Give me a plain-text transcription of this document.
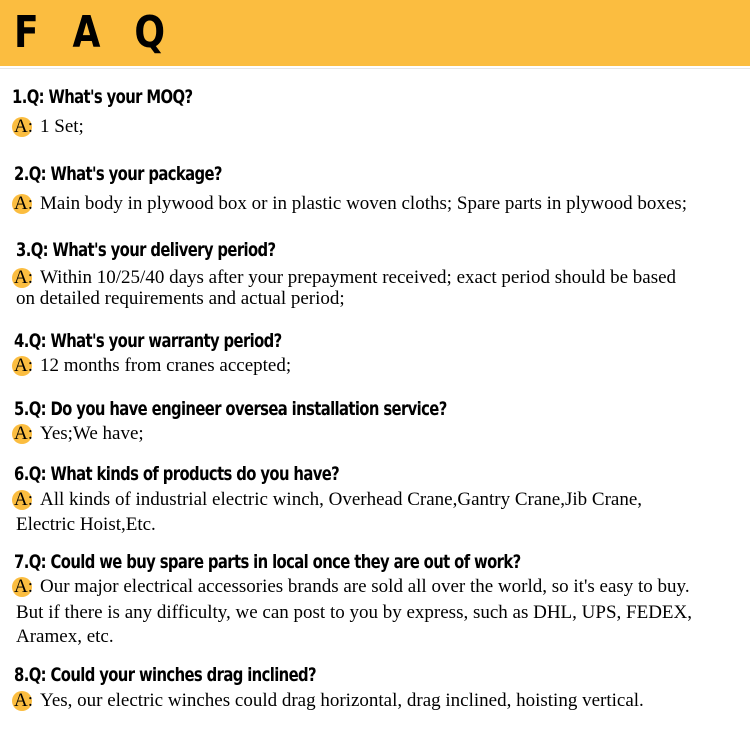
F A Q
1.Q: What's your MOQ?
A: 1 Set;
2.Q: What's your package?
A: Main body in plywood box or in plastic woven cloths; Spare parts in plywood boxes;
3.Q: What's your delivery period?
A: Within 10/25/40 days after your prepayment received; exact period should be based
on detailed requirements and actual period;
4.Q: What's your warranty period?
A: 12 months from cranes accepted;
5.Q: Do you have engineer oversea installation service?
A: Yes;We have;
6.Q: What kinds of products do you have?
A: All kinds of industrial electric winch, Overhead Crane,Gantry Crane,Jib Crane,
Electric Hoist,Etc.
7.Q: Could we buy spare parts in local once they are out of work?
A: Our major electrical accessories brands are sold all over the world, so it's easy to buy.
But if there is any difficulty, we can post to you by express, such as DHL, UPS, FEDEX,
Aramex, etc.
8.Q: Could your winches drag inclined?
A: Yes, our electric winches could drag horizontal, drag inclined, hoisting vertical.
